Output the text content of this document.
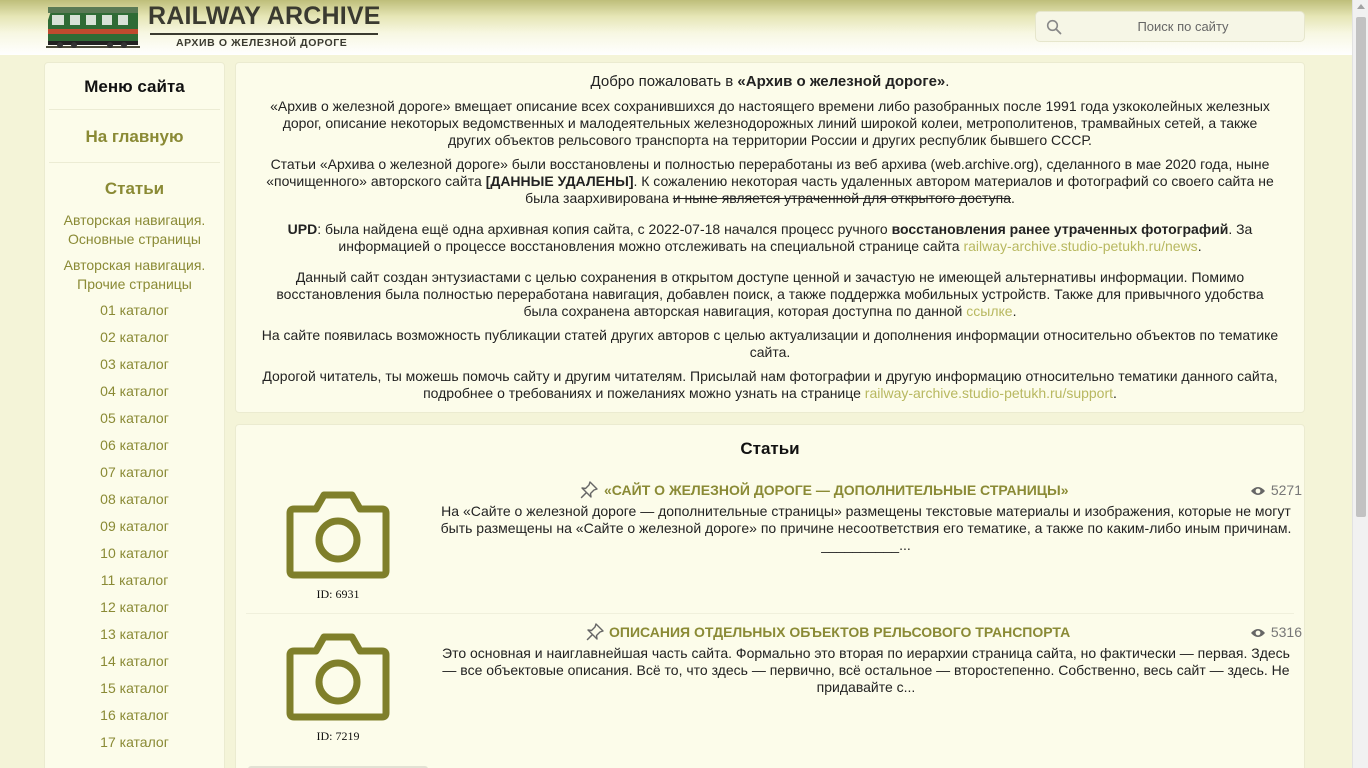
RAILWAY ARCHIVE
АРХИВ О ЖЕЛЕЗНОЙ ДОРОГЕ
Поиск по сайту
Меню сайта
На главную
Статьи
Авторская навигация.
Основные страницы
Авторская навигация.
Прочие страницы
01 каталог
02 каталог
03 каталог
04 каталог
05 каталог
06 каталог
07 каталог
08 каталог
09 каталог
10 каталог
11 каталог
12 каталог
13 каталог
14 каталог
15 каталог
16 каталог
17 каталог

Добро пожаловать в «Архив о железной дороге».

«Архив о железной дороге» вмещает описание всех сохранившихся до настоящего времени либо разобранных после 1991 года узкоколейных железных дорог, описание некоторых ведомственных и малодеятельных железнодорожных линий широкой колеи, метрополитенов, трамвайных сетей, а также других объектов рельсового транспорта на территории России и других республик бывшего СССР.

Статьи «Архива о железной дороге» были восстановлены и полностью переработаны из веб архива (web.archive.org), сделанного в мае 2020 года, ныне «почищенного» авторского сайта [ДАННЫЕ УДАЛЕНЫ]. К сожалению некоторая часть удаленных автором материалов и фотографий со своего сайта не была заархивирована и ныне является утраченной для открытого доступа.

UPD: была найдена ещё одна архивная копия сайта, с 2022-07-18 начался процесс ручного восстановления ранее утраченных фотографий. За информацией о процессе восстановления можно отслеживать на специальной странице сайта railway-archive.studio-petukh.ru/news.

Данный сайт создан энтузиастами с целью сохранения в открытом доступе ценной и зачастую не имеющей альтернативы информации. Помимо восстановления была полностью переработана навигация, добавлен поиск, а также поддержка мобильных устройств. Также для привычного удобства была сохранена авторская навигация, которая доступна по данной ссылке.

На сайте появилась возможность публикации статей других авторов с целью актуализации и дополнения информации относительно объектов по тематике сайта.

Дорогой читатель, ты можешь помочь сайту и другим читателям. Присылай нам фотографии и другую информацию относительно тематики данного сайта, подробнее о требованиях и пожеланиях можно узнать на странице railway-archive.studio-petukh.ru/support.

Статьи
ID: 6931
«САЙТ О ЖЕЛЕЗНОЙ ДОРОГЕ — ДОПОЛНИТЕЛЬНЫЕ СТРАНИЦЫ»	5271
На «Сайте о железной дороге — дополнительные страницы» размещены текстовые материалы и изображения, которые не могут быть размещены на «Сайте о железной дороге» по причине несоответствия его тематике, а также по каким-либо иным причинам. __________...
ID: 7219
ОПИСАНИЯ ОТДЕЛЬНЫХ ОБЪЕКТОВ РЕЛЬСОВОГО ТРАНСПОРТА	5316
Это основная и наиглавнейшая часть сайта. Формально это вторая по иерархии страница сайта, но фактически — первая. Здесь — все объектовые описания. Всё то, что здесь — первично, всё остальное — второстепенно. Собственно, весь сайт — здесь. Не придавайте с...
